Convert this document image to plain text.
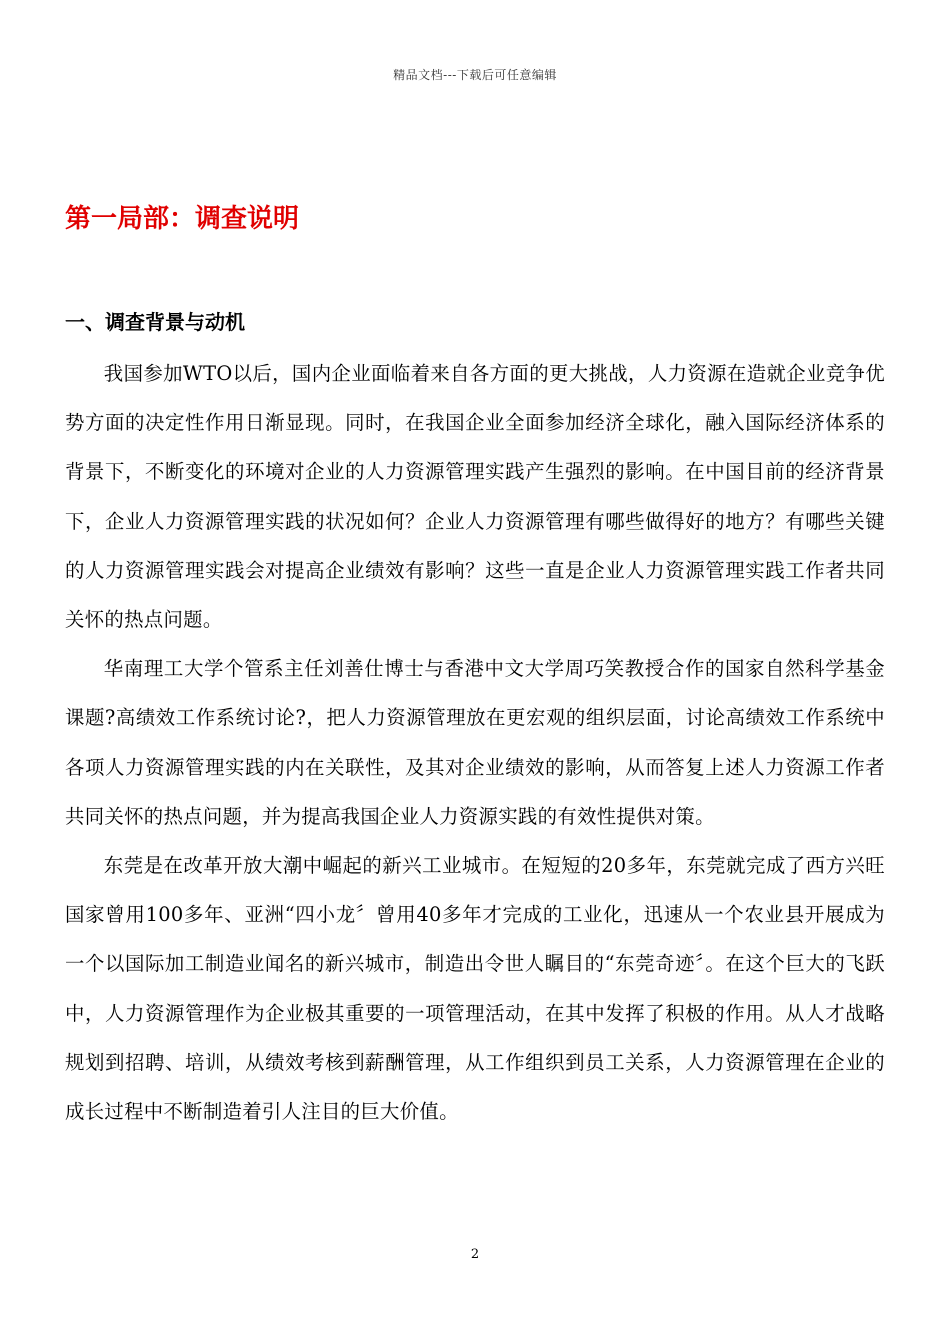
精品文档---下载后可任意编辑
第一局部：调查说明
一、调查背景与动机

我国参加WTO以后，国内企业面临着来自各方面的更大挑战，人力资源在造就企业竞争优势方面的决定性作用日渐显现。同时，在我国企业全面参加经济全球化，融入国际经济体系的背景下，不断变化的环境对企业的人力资源管理实践产生强烈的影响。在中国目前的经济背景下，企业人力资源管理实践的状况如何？企业人力资源管理有哪些做得好的地方？有哪些关键的人力资源管理实践会对提高企业绩效有影响？这些一直是企业人力资源管理实践工作者共同关怀的热点问题。

华南理工大学个管系主任刘善仕博士与香港中文大学周巧笑教授合作的国家自然科学基金课题?高绩效工作系统讨论?，把人力资源管理放在更宏观的组织层面，讨论高绩效工作系统中各项人力资源管理实践的内在关联性，及其对企业绩效的影响，从而答复上述人力资源工作者共同关怀的热点问题，并为提高我国企业人力资源实践的有效性提供对策。

东莞是在改革开放大潮中崛起的新兴工业城市。在短短的20多年，东莞就完成了西方兴旺国家曾用100多年、亚洲“四小龙〞曾用40多年才完成的工业化，迅速从一个农业县开展成为一个以国际加工制造业闻名的新兴城市，制造出令世人瞩目的“东莞奇迹〞。在这个巨大的飞跃中，人力资源管理作为企业极其重要的一项管理活动，在其中发挥了积极的作用。从人才战略规划到招聘、培训，从绩效考核到薪酬管理，从工作组织到员工关系，人力资源管理在企业的成长过程中不断制造着引人注目的巨大价值。

2
